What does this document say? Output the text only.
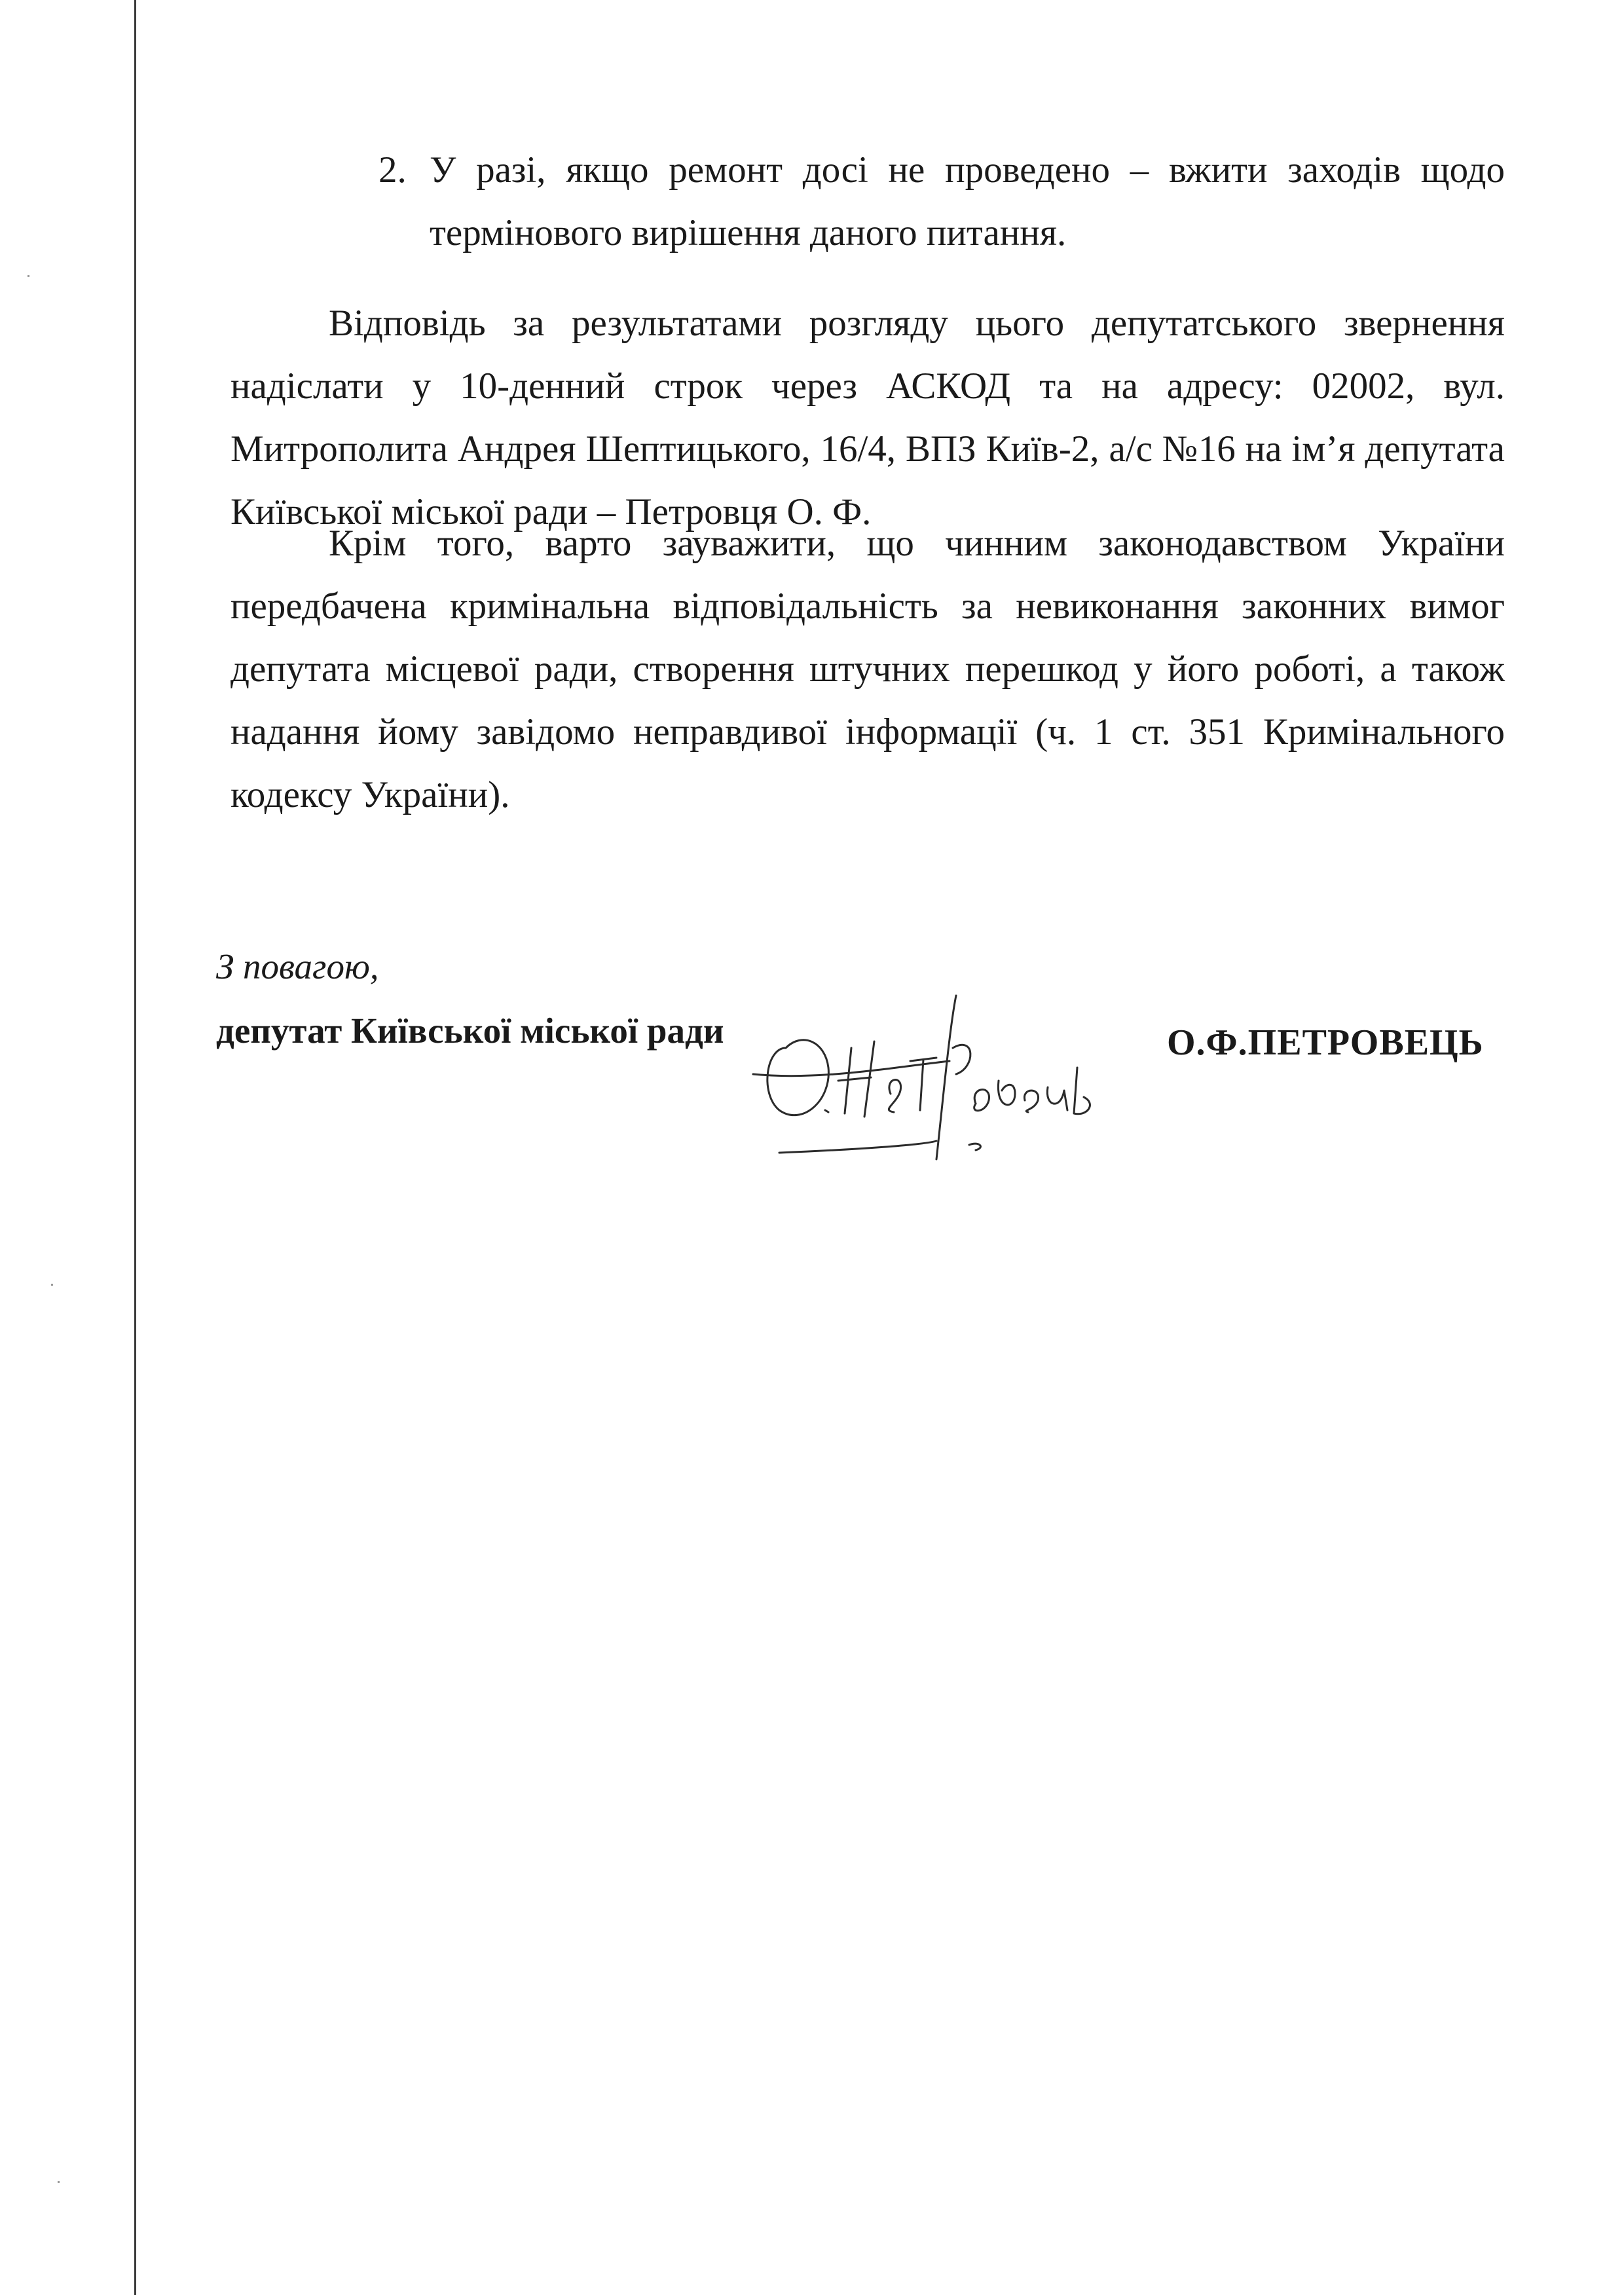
2. У разі, якщо ремонт досі не проведено – вжити заходів щодо термінового вирішення даного питання.

Відповідь за результатами розгляду цього депутатського звернення надіслати у 10-денний строк через АСКОД та на адресу: 02002, вул. Митрополита Андрея Шептицького, 16/4, ВПЗ Київ-2, а/с №16 на ім’я депутата Київської міської ради – Петровця О. Ф.

Крім того, варто зауважити, що чинним законодавством України передбачена кримінальна відповідальність за невиконання законних вимог депутата місцевої ради, створення штучних перешкод у його роботі, а також надання йому завідомо неправдивої інформації (ч. 1 ст. 351 Кримінального кодексу України).

З повагою,
депутат Київської міської ради
О.Петровець
О.Ф.ПЕТРОВЕЦЬ
